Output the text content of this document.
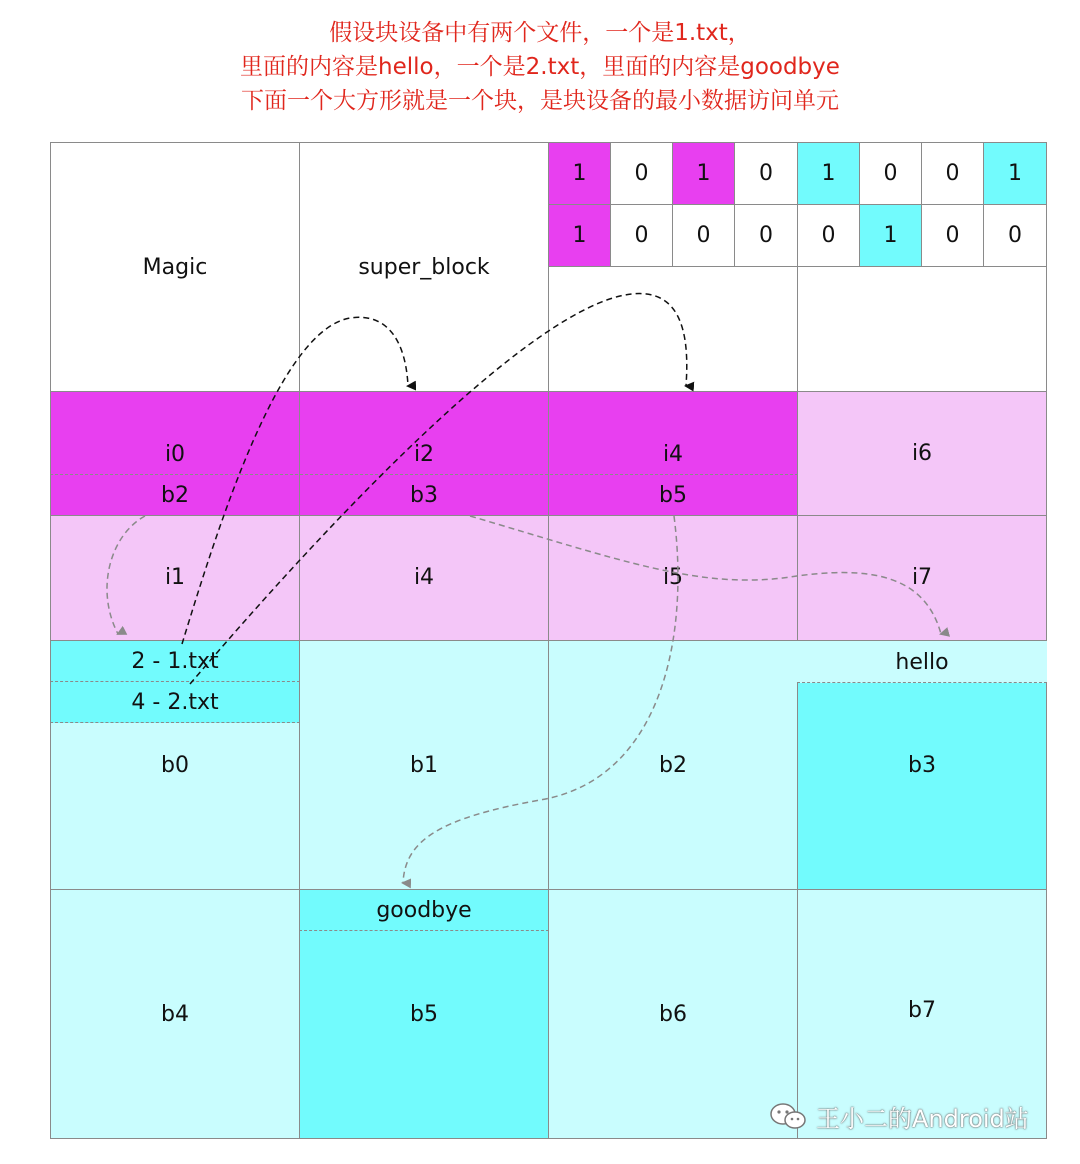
假设块设备中有两个文件，一个是1.txt，
里面的内容是hello，一个是2.txt，里面的内容是goodbye
下面一个大方形就是一个块，是块设备的最小数据访问单元
Magic	super_block
1	0	1	0	1	0	0	1
1	0	0	0	0	1	0	0
i0
b2
i2
b3
i4
b5
i6
i1	i4	i5	i7
b0	b1	b2	b3
2 - 1.txt
4 - 2.txt
hello
b4	b5	b6	b7
goodbye
王小二的Android站
